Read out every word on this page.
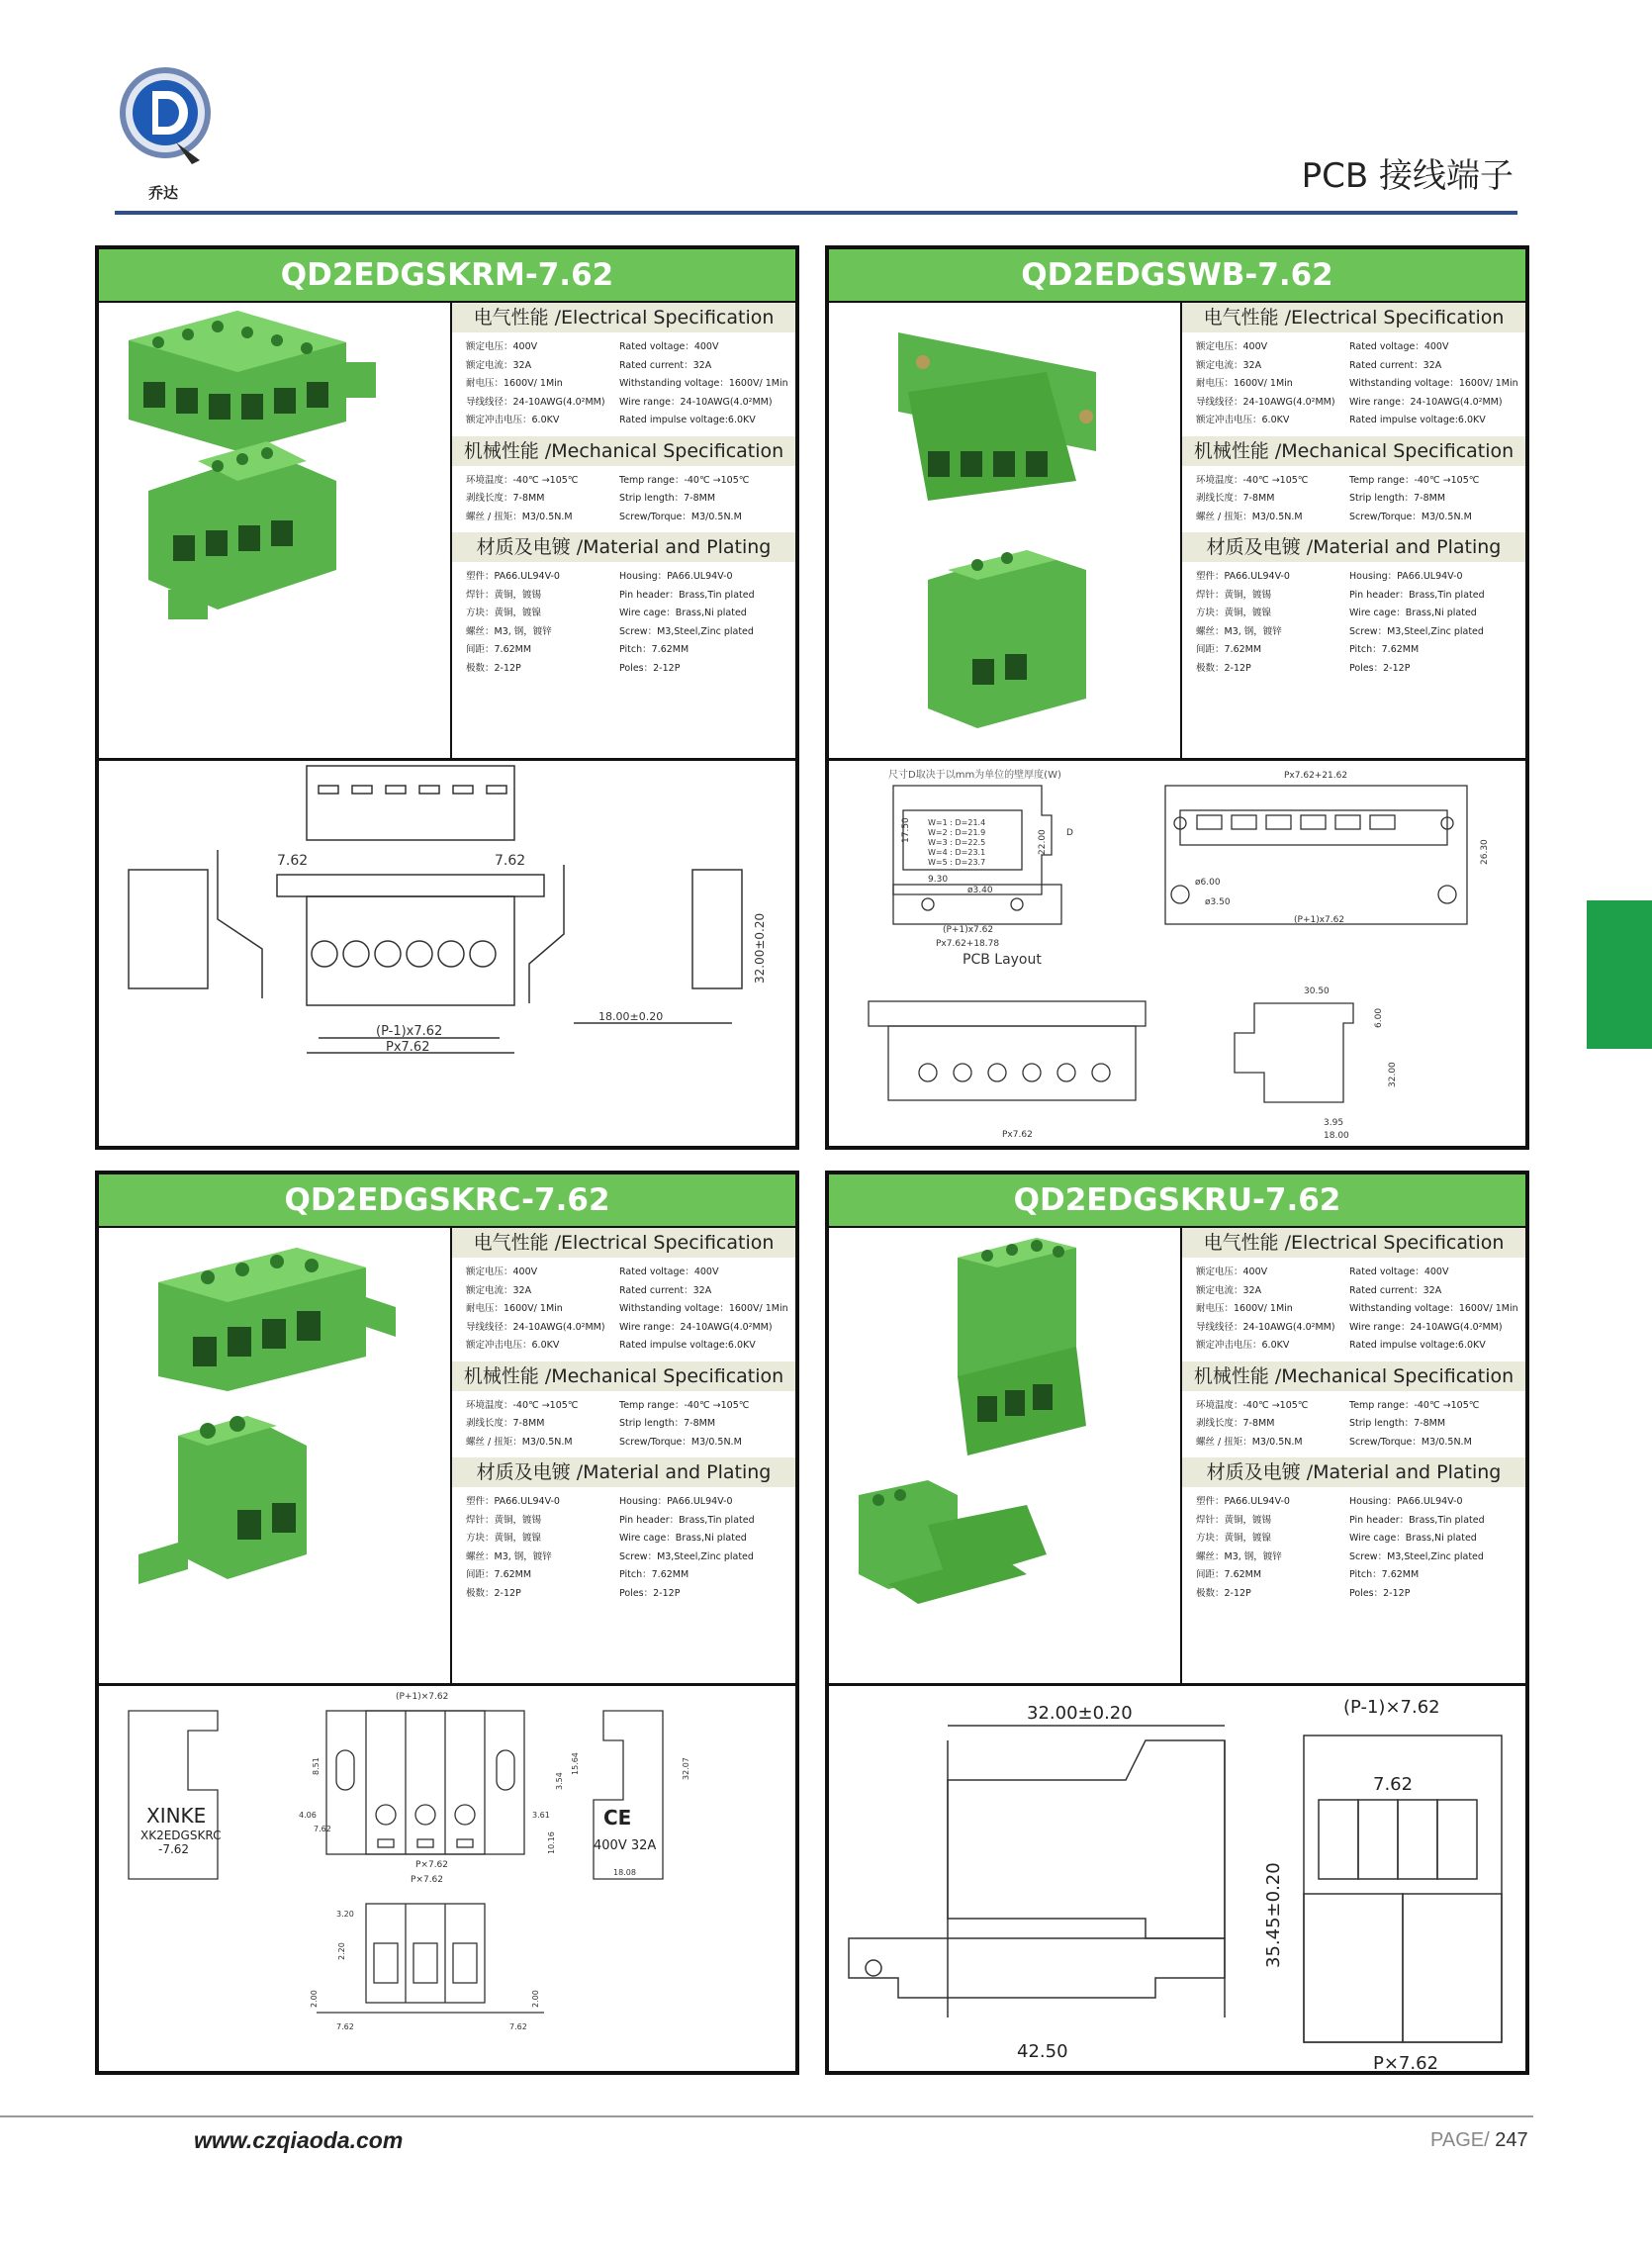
乔达	PCB 接线端子
QD2EDGSKRM-7.62
电气性能 /Electrical Specification
额定电压：400V	Rated voltage：400V
额定电流：32A	Rated current：32A
耐电压：1600V/ 1Min	Withstanding voltage：1600V/ 1Min
导线线径：24-10AWG(4.0²MM)	Wire range：24-10AWG(4.0²MM)
额定冲击电压：6.0KV	Rated impulse voltage:6.0KV
机械性能 /Mechanical Specification
环境温度：-40℃ →105℃	Temp range：-40℃ →105℃
剥线长度：7-8MM	Strip length：7-8MM
螺丝 / 扭矩：M3/0.5N.M	Screw/Torque：M3/0.5N.M
材质及电镀 /Material and Plating
塑件：PA66.UL94V-0	Housing：PA66.UL94V-0
焊针：黄铜，镀锡	Pin header：Brass,Tin plated
方块：黄铜，镀镍	Wire cage：Brass,Ni plated
螺丝：M3, 钢，镀锌	Screw：M3,Steel,Zinc plated
间距：7.62MM	Pitch：7.62MM
极数：2-12P	Poles：2-12P
7.62	7.62
32.00±0.20
(P-1)x7.62
Px7.62
18.00±0.20
QD2EDGSWB-7.62
电气性能 /Electrical Specification
额定电压：400V	Rated voltage：400V
额定电流：32A	Rated current：32A
耐电压：1600V/ 1Min	Withstanding voltage：1600V/ 1Min
导线线径：24-10AWG(4.0²MM)	Wire range：24-10AWG(4.0²MM)
额定冲击电压：6.0KV	Rated impulse voltage:6.0KV
机械性能 /Mechanical Specification
环境温度：-40℃ →105℃	Temp range：-40℃ →105℃
剥线长度：7-8MM	Strip length：7-8MM
螺丝 / 扭矩：M3/0.5N.M	Screw/Torque：M3/0.5N.M
材质及电镀 /Material and Plating
塑件：PA66.UL94V-0	Housing：PA66.UL94V-0
焊针：黄铜，镀锡	Pin header：Brass,Tin plated
方块：黄铜，镀镍	Wire cage：Brass,Ni plated
螺丝：M3, 钢，镀锌	Screw：M3,Steel,Zinc plated
间距：7.62MM	Pitch：7.62MM
极数：2-12P	Poles：2-12P
尺寸D取决于以mm为单位的壁厚度(W)
W=1 : D=21.4
W=2 : D=21.9
W=3 : D=22.5
W=4 : D=23.1
W=5 : D=23.7
17.50
9.30
ø3.40
22.00 D
(P+1)x7.62
Px7.62+18.78
PCB Layout
Px7.62+21.62
ø6.00
ø3.50
26.30
(P+1)x7.62
Px7.62
30.50
6.00
32.00
3.95
18.00
QD2EDGSKRC-7.62
电气性能 /Electrical Specification
额定电压：400V	Rated voltage：400V
额定电流：32A	Rated current：32A
耐电压：1600V/ 1Min	Withstanding voltage：1600V/ 1Min
导线线径：24-10AWG(4.0²MM)	Wire range：24-10AWG(4.0²MM)
额定冲击电压：6.0KV	Rated impulse voltage:6.0KV
机械性能 /Mechanical Specification
环境温度：-40℃ →105℃	Temp range：-40℃ →105℃
剥线长度：7-8MM	Strip length：7-8MM
螺丝 / 扭矩：M3/0.5N.M	Screw/Torque：M3/0.5N.M
材质及电镀 /Material and Plating
塑件：PA66.UL94V-0	Housing：PA66.UL94V-0
焊针：黄铜，镀锡	Pin header：Brass,Tin plated
方块：黄铜，镀镍	Wire cage：Brass,Ni plated
螺丝：M3, 钢，镀锌	Screw：M3,Steel,Zinc plated
间距：7.62MM	Pitch：7.62MM
极数：2-12P	Poles：2-12P
XINKE
XK2EDGSKRC
-7.62
CE
400V 32A
(P+1)×7.62
8.51
4.06
7.62
3.61
3.54
15.64
10.16
18.08
32.07
P×7.62
P×7.62
3.20
2.20
2.00	2.00
7.62	7.62
QD2EDGSKRU-7.62
电气性能 /Electrical Specification
额定电压：400V	Rated voltage：400V
额定电流：32A	Rated current：32A
耐电压：1600V/ 1Min	Withstanding voltage：1600V/ 1Min
导线线径：24-10AWG(4.0²MM)	Wire range：24-10AWG(4.0²MM)
额定冲击电压：6.0KV	Rated impulse voltage:6.0KV
机械性能 /Mechanical Specification
环境温度：-40℃ →105℃	Temp range：-40℃ →105℃
剥线长度：7-8MM	Strip length：7-8MM
螺丝 / 扭矩：M3/0.5N.M	Screw/Torque：M3/0.5N.M
材质及电镀 /Material and Plating
塑件：PA66.UL94V-0	Housing：PA66.UL94V-0
焊针：黄铜，镀锡	Pin header：Brass,Tin plated
方块：黄铜，镀镍	Wire cage：Brass,Ni plated
螺丝：M3, 钢，镀锌	Screw：M3,Steel,Zinc plated
间距：7.62MM	Pitch：7.62MM
极数：2-12P	Poles：2-12P
32.00±0.20
35.45±0.20
42.50
(P-1)×7.62
7.62
P×7.62
www.czqiaoda.com	PAGE/ 247
